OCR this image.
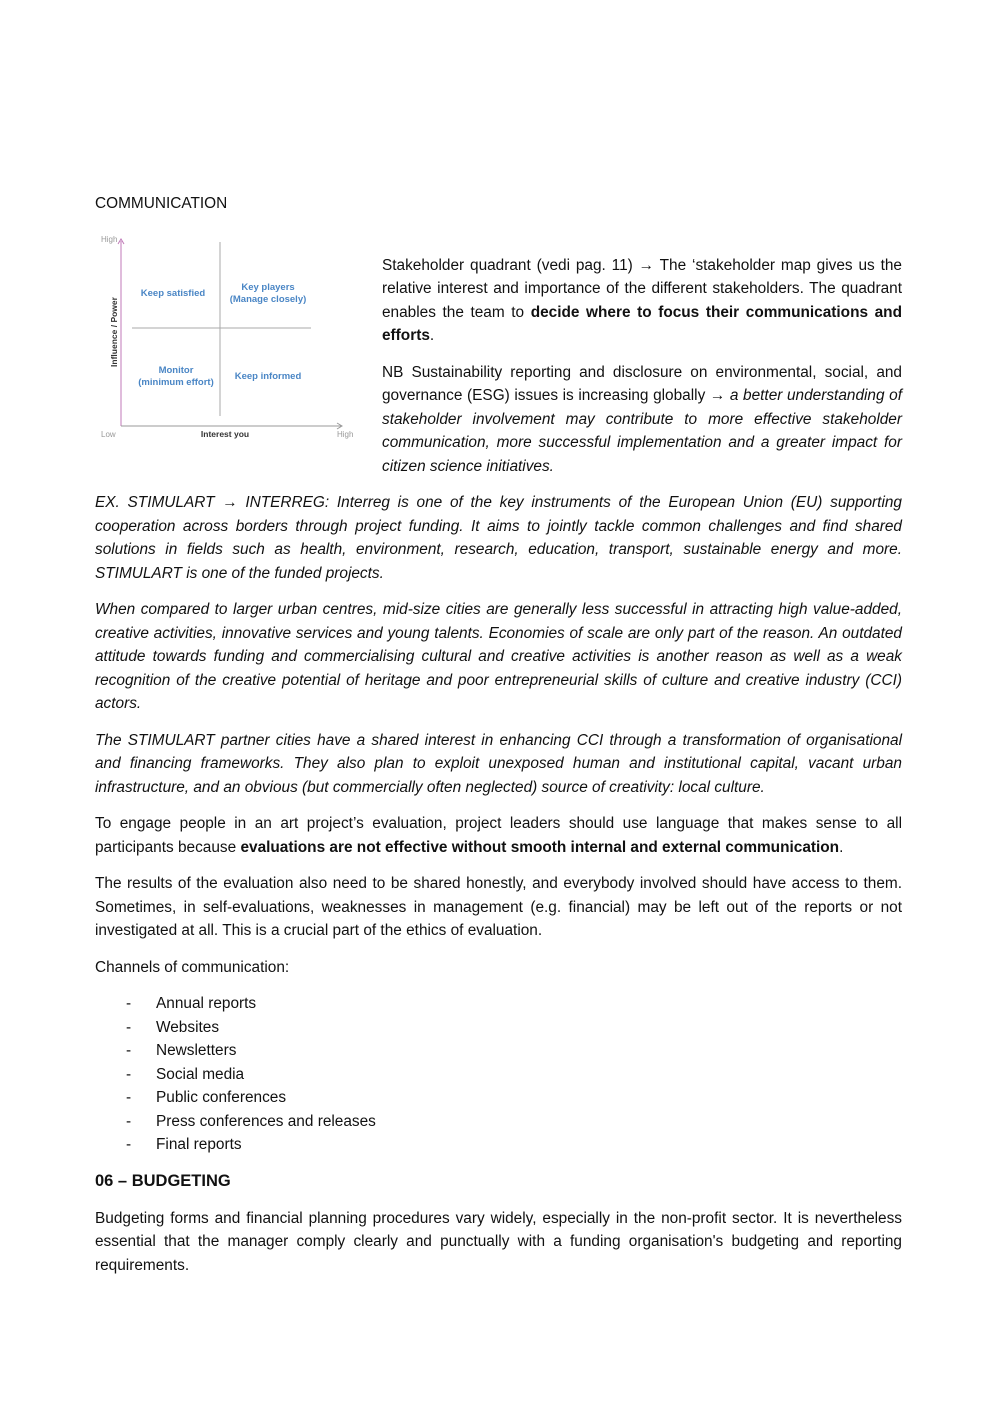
COMMUNICATION

High
Low	High
Influence / Power
Interest you
Keep satisfied
Key players
(Manage closely)
Monitor
(minimum effort)
Keep informed

Stakeholder quadrant (vedi pag. 11) → The ‘stakeholder map gives us the relative interest and importance of the different stakeholders. The quadrant enables the team to decide where to focus their communications and efforts.

NB Sustainability reporting and disclosure on environmental, social, and governance (ESG) issues is increasing globally → a better understanding of stakeholder involvement may contribute to more effective stakeholder communication, more successful implementation and a greater impact for citizen science initiatives.

EX. STIMULART → INTERREG: Interreg is one of the key instruments of the European Union (EU) supporting cooperation across borders through project funding. It aims to jointly tackle common challenges and find shared solutions in fields such as health, environment, research, education, transport, sustainable energy and more. STIMULART is one of the funded projects.

When compared to larger urban centres, mid-size cities are generally less successful in attracting high value-added, creative activities, innovative services and young talents. Economies of scale are only part of the reason. An outdated attitude towards funding and commercialising cultural and creative activities is another reason as well as a weak recognition of the creative potential of heritage and poor entrepreneurial skills of culture and creative industry (CCI) actors.

The STIMULART partner cities have a shared interest in enhancing CCI through a transformation of organisational and financing frameworks. They also plan to exploit unexposed human and institutional capital, vacant urban infrastructure, and an obvious (but commercially often neglected) source of creativity: local culture.

To engage people in an art project’s evaluation, project leaders should use language that makes sense to all participants because evaluations are not effective without smooth internal and external communication.

The results of the evaluation also need to be shared honestly, and everybody involved should have access to them. Sometimes, in self-evaluations, weaknesses in management (e.g. financial) may be left out of the reports or not investigated at all. This is a crucial part of the ethics of evaluation.

Channels of communication:

-	Annual reports
-	Websites
-	Newsletters
-	Social media
-	Public conferences
-	Press conferences and releases
-	Final reports
06 – BUDGETING

Budgeting forms and financial planning procedures vary widely, especially in the non-profit sector. It is nevertheless essential that the manager comply clearly and punctually with a funding organisation's budgeting and reporting requirements.
